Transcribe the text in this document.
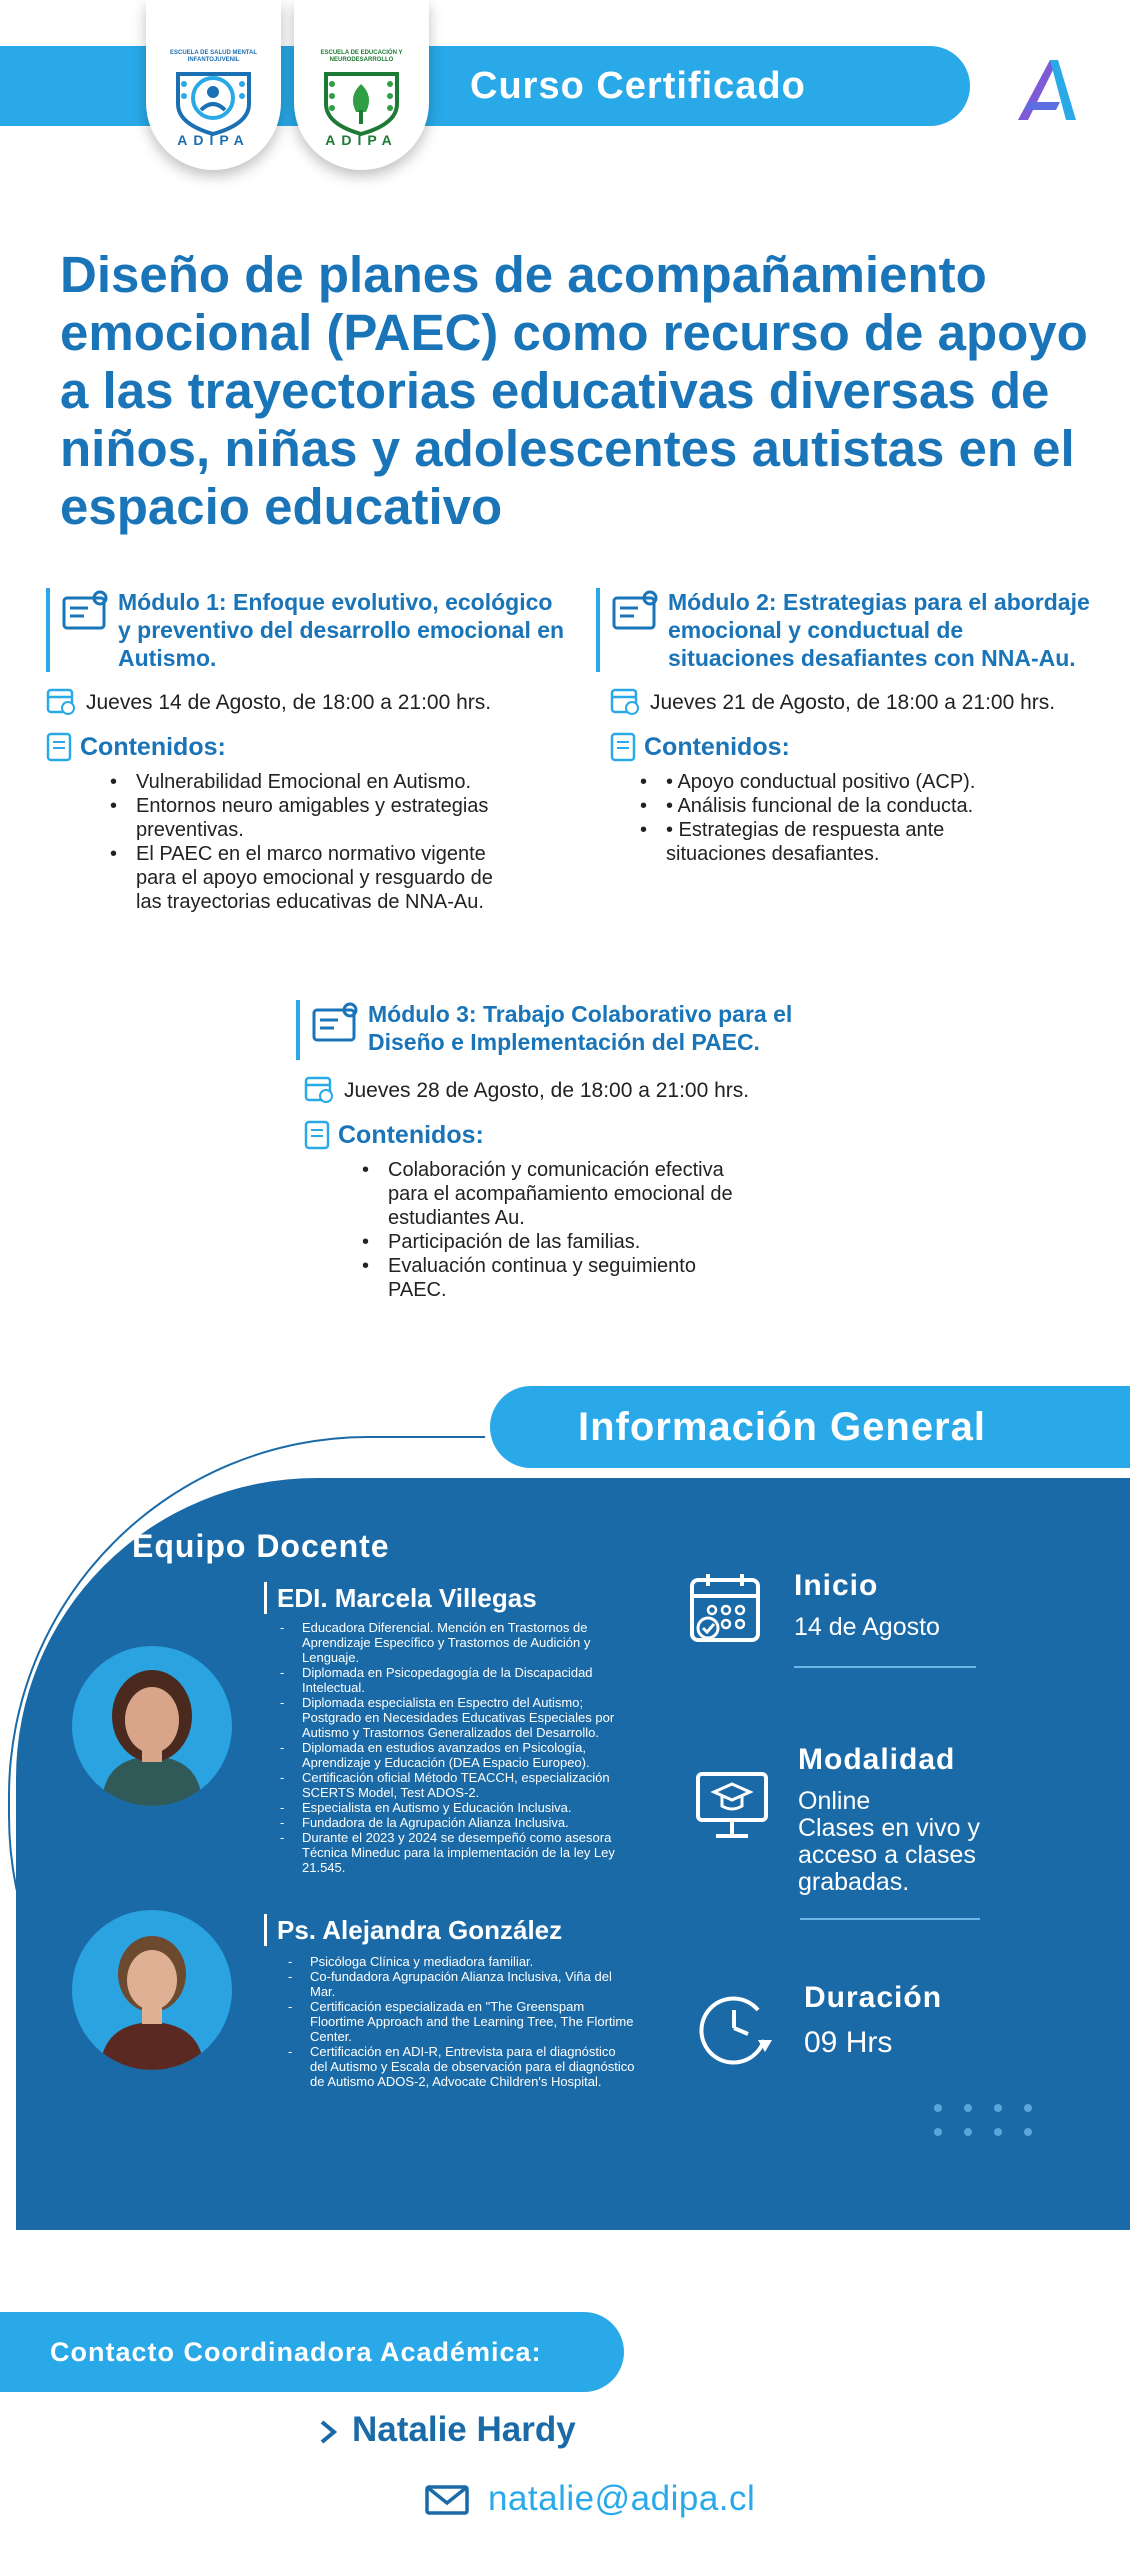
Curso Certificado
ESCUELA DE SALUD MENTAL INFANTOJUVENIL
ADIPA
ESCUELA DE EDUCACIÓN Y NEURODESARROLLO
ADIPA
Diseño de planes de acompañamiento emocional (PAEC) como recurso de apoyo a las trayectorias educativas diversas de niños, niñas y adolescentes autistas en el espacio educativo
Módulo 1: Enfoque evolutivo, ecológico y preventivo del desarrollo emocional en Autismo.
Jueves 14 de Agosto, de 18:00 a 21:00 hrs.
Contenidos:
• Vulnerabilidad Emocional en Autismo.
• Entornos neuro amigables y estrategias preventivas.
• El PAEC en el marco normativo vigente para el apoyo emocional y resguardo de las trayectorias educativas de NNA-Au.
Módulo 2: Estrategias para el abordaje emocional y conductual de situaciones desafiantes con NNA-Au.
Jueves 21 de Agosto, de 18:00 a 21:00 hrs.
Contenidos:
• • Apoyo conductual positivo (ACP).
• • Análisis funcional de la conducta.
• • Estrategias de respuesta ante situaciones desafiantes.
Módulo 3: Trabajo Colaborativo para el Diseño e Implementación del PAEC.
Jueves 28 de Agosto, de 18:00 a 21:00 hrs.
Contenidos:
• Colaboración y comunicación efectiva para el acompañamiento emocional de estudiantes Au.
• Participación de las familias.
• Evaluación continua y seguimiento PAEC.
Información General
Equipo Docente
EDI. Marcela Villegas
- Educadora Diferencial. Mención en Trastornos de Aprendizaje Específico y Trastornos de Audición y Lenguaje.
- Diplomada en Psicopedagogía de la Discapacidad Intelectual.
- Diplomada especialista en Espectro del Autismo; Postgrado en Necesidades Educativas Especiales por Autismo y Trastornos Generalizados del Desarrollo.
- Diplomada en estudios avanzados en Psicología, Aprendizaje y Educación (DEA Espacio Europeo).
- Certificación oficial Método TEACCH, especialización SCERTS Model, Test ADOS-2.
- Especialista en Autismo y Educación Inclusiva.
- Fundadora de la Agrupación Alianza Inclusiva.
- Durante el 2023 y 2024 se desempeñó como asesora Técnica Mineduc para la implementación de la ley Ley 21.545.
Ps. Alejandra González
- Psicóloga Clínica y mediadora familiar.
- Co-fundadora Agrupación Alianza Inclusiva, Viña del Mar.
- Certificación especializada en "The Greenspam Floortime Approach and the Learning Tree, The Flortime Center.
- Certificación en ADI-R, Entrevista para el diagnóstico del Autismo y Escala de observación para el diagnóstico de Autismo ADOS-2, Advocate Children's Hospital.
Inicio
14 de Agosto
Modalidad
Online
Clases en vivo y acceso a clases grabadas.
Duración
09 Hrs
Contacto Coordinadora Académica:
Natalie Hardy
natalie@adipa.cl
